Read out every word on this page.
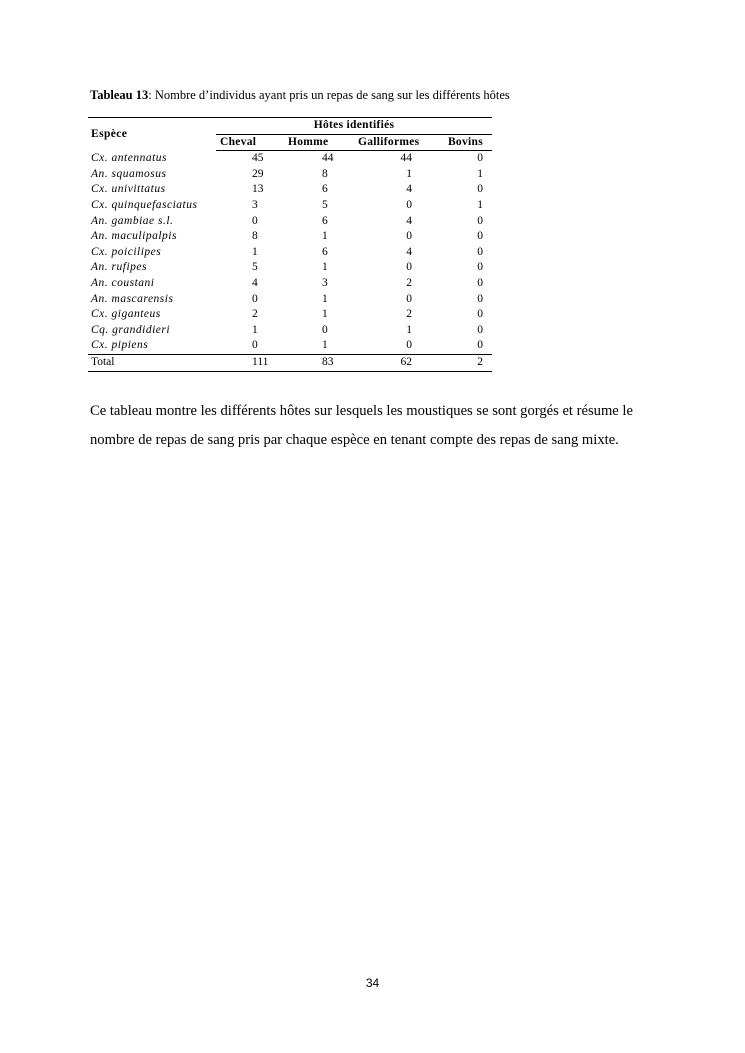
Tableau 13: Nombre d’individus ayant pris un repas de sang sur les différents hôtes
Espèce	Hôtes identifiés			
	Cheval	Homme	Galliformes	Bovins
Cx. antennatus	45	44	44	0
An. squamosus	29	8	1	1
Cx. univittatus	13	6	4	0
Cx. quinquefasciatus	3	5	0	1
An. gambiae s.l.	0	6	4	0
An. maculipalpis	8	1	0	0
Cx. poicilipes	1	6	4	0
An. rufipes	5	1	0	0
An. coustani	4	3	2	0
An. mascarensis	0	1	0	0
Cx. giganteus	2	1	2	0
Cq. grandidieri	1	0	1	0
Cx. pipiens	0	1	0	0
Total	111	83	62	2

Ce tableau montre les différents hôtes sur lesquels les moustiques se sont gorgés et résume le

nombre de repas de sang pris par chaque espèce en tenant compte des repas de sang mixte.

34
